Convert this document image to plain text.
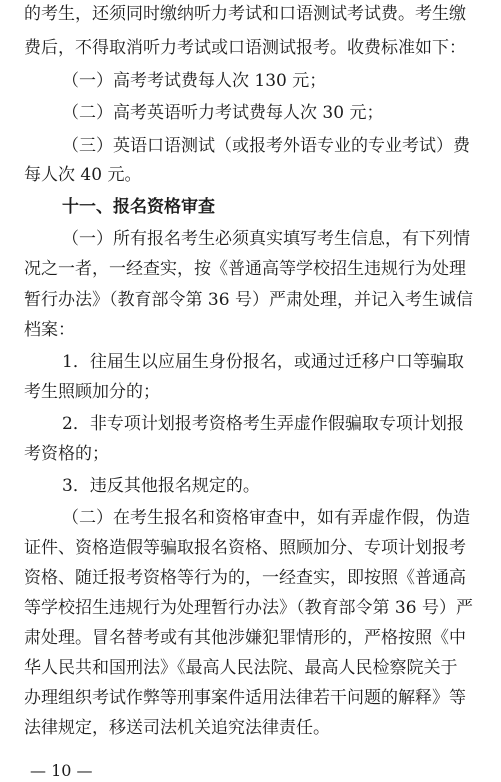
的考生，还须同时缴纳听力考试和口语测试考试费。考生缴
费后，不得取消听力考试或口语测试报考。收费标准如下：
（一）高考考试费每人次 130 元；
（二）高考英语听力考试费每人次 30 元；
（三）英语口语测试（或报考外语专业的专业考试）费
每人次 40 元。
十一、报名资格审查
（一）所有报名考生必须真实填写考生信息，有下列情
况之一者，一经查实，按《普通高等学校招生违规行为处理
暂行办法》（教育部令第 36 号）严肃处理，并记入考生诚信
档案：
1．往届生以应届生身份报名，或通过迁移户口等骗取
考生照顾加分的；
2．非专项计划报考资格考生弄虚作假骗取专项计划报
考资格的；
3．违反其他报名规定的。
（二）在考生报名和资格审查中，如有弄虚作假，伪造
证件、资格造假等骗取报名资格、照顾加分、专项计划报考
资格、随迁报考资格等行为的，一经查实，即按照《普通高
等学校招生违规行为处理暂行办法》（教育部令第 36 号）严
肃处理。冒名替考或有其他涉嫌犯罪情形的，严格按照《中
华人民共和国刑法》《最高人民法院、最高人民检察院关于
办理组织考试作弊等刑事案件适用法律若干问题的解释》等
法律规定，移送司法机关追究法律责任。
— 10 —
